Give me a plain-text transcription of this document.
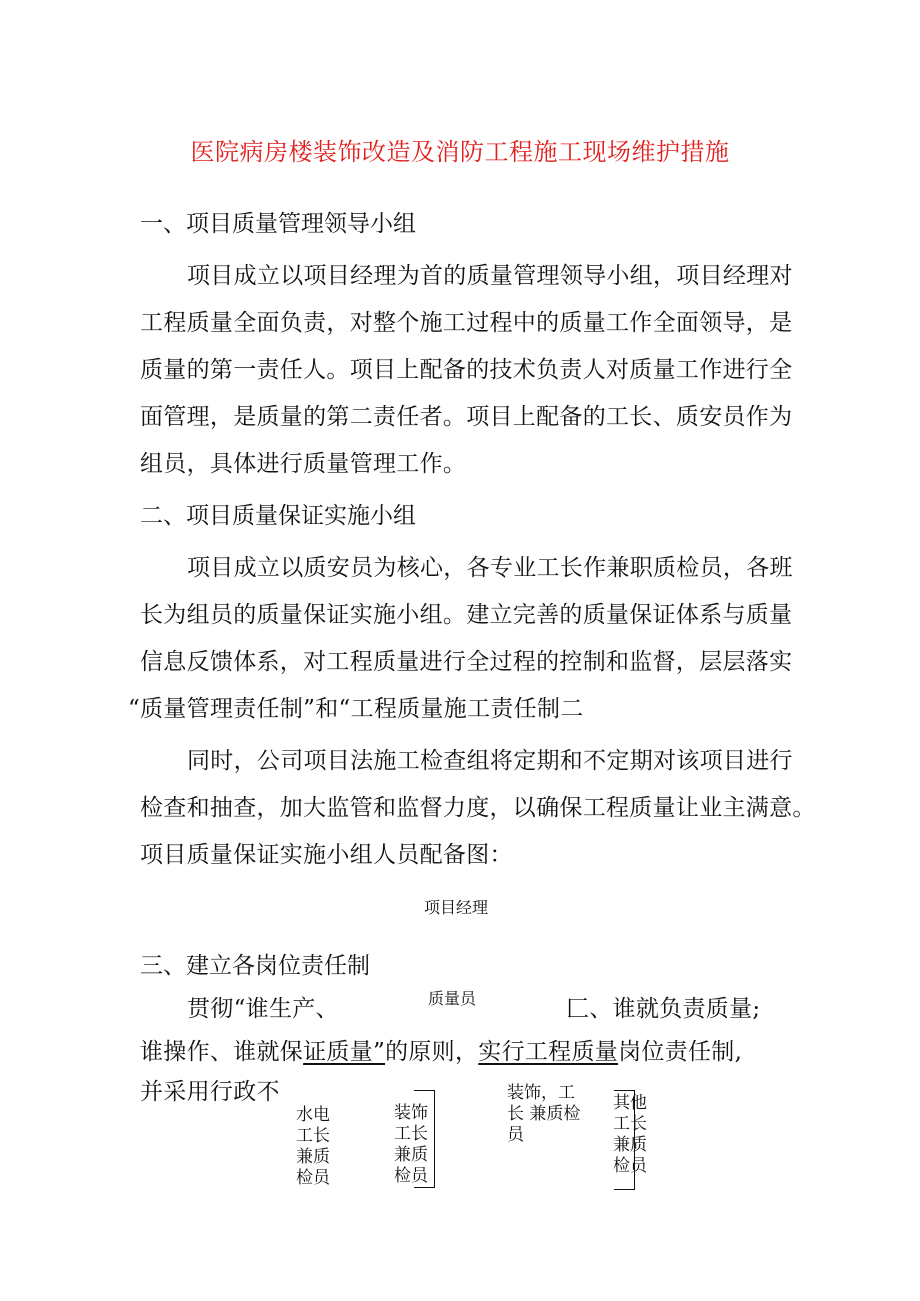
医院病房楼装饰改造及消防工程施工现场维护措施
一、项目质量管理领导小组
项目成立以项目经理为首的质量管理领导小组，项目经理对
工程质量全面负责，对整个施工过程中的质量工作全面领导，是
质量的第一责任人。项目上配备的技术负责人对质量工作进行全
面管理，是质量的第二责任者。项目上配备的工长、质安员作为
组员，具体进行质量管理工作。
二、项目质量保证实施小组
项目成立以质安员为核心，各专业工长作兼职质检员，各班
长为组员的质量保证实施小组。建立完善的质量保证体系与质量
信息反馈体系，对工程质量进行全过程的控制和监督，层层落实
“质量管理责任制”和“工程质量施工责任制二
同时，公司项目法施工检查组将定期和不定期对该项目进行
检查和抽查，加大监管和监督力度，以确保工程质量让业主满意。
项目质量保证实施小组人员配备图：
项目经理
三、建立各岗位责任制
贯彻“谁生产、	质量员	匚、谁就负责质量;
谁操作、谁就保证质量”的原则，实行工程质量岗位责任制,
并采用行政不
水电工长兼质检员
装饰工长兼质检员
装饰，工长 兼质检员
其他工长兼质检员
